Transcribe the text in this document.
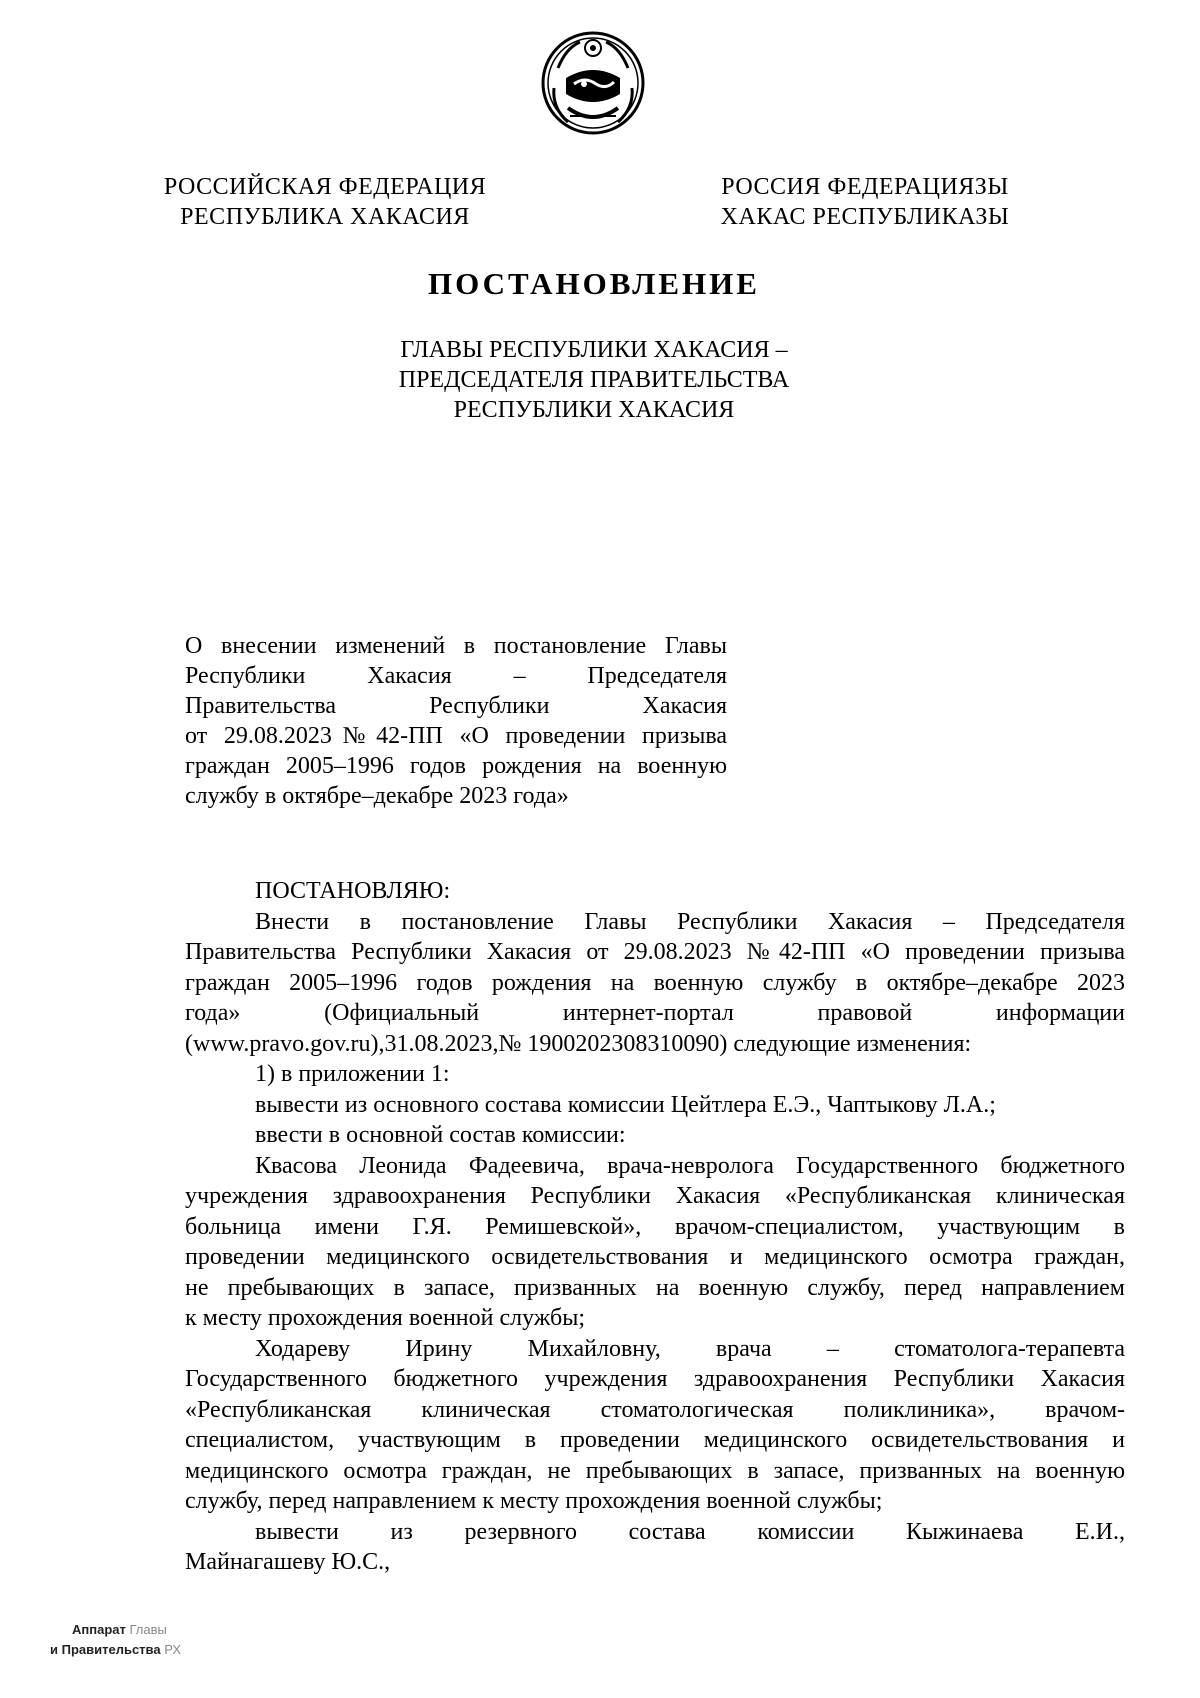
РОССИЙСКАЯ ФЕДЕРАЦИЯ
РЕСПУБЛИКА ХАКАСИЯ
РОССИЯ ФЕДЕРАЦИЯЗЫ
ХАКАС РЕСПУБЛИКАЗЫ
ПОСТАНОВЛЕНИЕ
ГЛАВЫ РЕСПУБЛИКИ ХАКАСИЯ –
ПРЕДСЕДАТЕЛЯ ПРАВИТЕЛЬСТВА
РЕСПУБЛИКИ ХАКАСИЯ
О внесении изменений в постановление Главы
Республики Хакасия – Председателя
Правительства Республики Хакасия
от 29.08.2023№42-ПП «О проведении призыва
граждан 2005–1996 годов рождения на военную
службу в октябре–декабре 2023 года»
ПОСТАНОВЛЯЮ:
Внести в постановление Главы Республики Хакасия – Председателя
Правительства Республики Хакасия от 29.08.2023 №42-ПП «О проведении призыва
граждан 2005–1996 годов рождения на военную службу в октябре–декабре 2023
года» (Официальный интернет-портал правовой информации
(www.pravo.gov.ru),31.08.2023,№ 1900202308310090) следующие изменения:
1) в приложении 1:
вывести из основного состава комиссии Цейтлера Е.Э., Чаптыкову Л.А.;
ввести в основной состав комиссии:
Квасова Леонида Фадеевича, врача-невролога Государственного бюджетного
учреждения здравоохранения Республики Хакасия «Республиканская клиническая
больница имени Г.Я. Ремишевской», врачом-специалистом, участвующим в
проведении медицинского освидетельствования и медицинского осмотра граждан,
не пребывающих в запасе, призванных на военную службу, перед направлением
к месту прохождения военной службы;
Ходареву Ирину Михайловну, врача – стоматолога-терапевта
Государственного бюджетного учреждения здравоохранения Республики Хакасия
«Республиканская клиническая стоматологическая поликлиника», врачом-
специалистом, участвующим в проведении медицинского освидетельствования и
медицинского осмотра граждан, не пребывающих в запасе, призванных на военную
службу, перед направлением к месту прохождения военной службы;
вывести из резервного состава комиссии Кыжинаева Е.И.,
Майнагашеву Ю.С.,
Аппарат Главы
и Правительства РХ
